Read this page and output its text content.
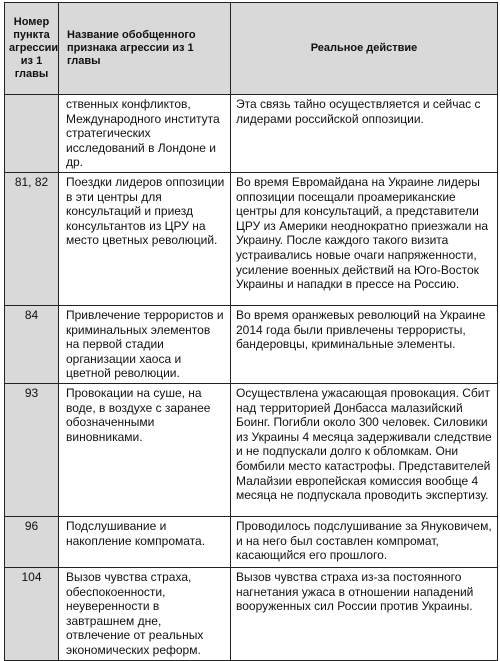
Номер пункта агрессии из 1 главы	Название обобщенного признака агрессии из 1 главы	Реальное действие
	ственных конфликтов, Международного института стратегических исследований в Лондоне и др.	Эта связь тайно осуществляется и сейчас с лидерами российской оппозиции.
81, 82	Поездки лидеров оппозиции в эти центры для консультаций и приезд консультантов из ЦРУ на место цветных революций.	Во время Евромайдана на Украине лидеры оппозиции посещали проамериканские центры для консультаций, а представители ЦРУ из Америки неоднократно приезжали на Украину. После каждого такого визита устраивались новые очаги напряженности, усиление военных действий на Юго-Восток Украины и нападки в прессе на Россию.
84	Привлечение террористов и криминальных элементов на первой стадии организации хаоса и цветной революции.	Во время оранжевых революций на Украине 2014 года были привлечены террористы, бандеровцы, криминальные элементы.
93	Провокации на суше, на воде, в воздухе с заранее обозначенными виновниками.	Осуществлена ужасающая провокация. Сбит над территорией Донбасса малазийский Боинг. Погибли около 300 человек. Силовики из Украины 4 месяца задерживали следствие и не подпускали долго к обломкам. Они бомбили место катастрофы. Представителей Малайзии европейская комиссия вообще 4 месяца не подпускала проводить экспертизу.
96	Подслушивание и накопление компромата.	Проводилось подслушивание за Януковичем, и на него был составлен компромат, касающийся его прошлого.
104	Вызов чувства страха, обеспокоенности, неуверенности в завтрашнем дне, отвлечение от реальных экономических реформ.	Вызов чувства страха из-за постоянного нагнетания ужаса в отношении нападений вооруженных сил России против Украины.
